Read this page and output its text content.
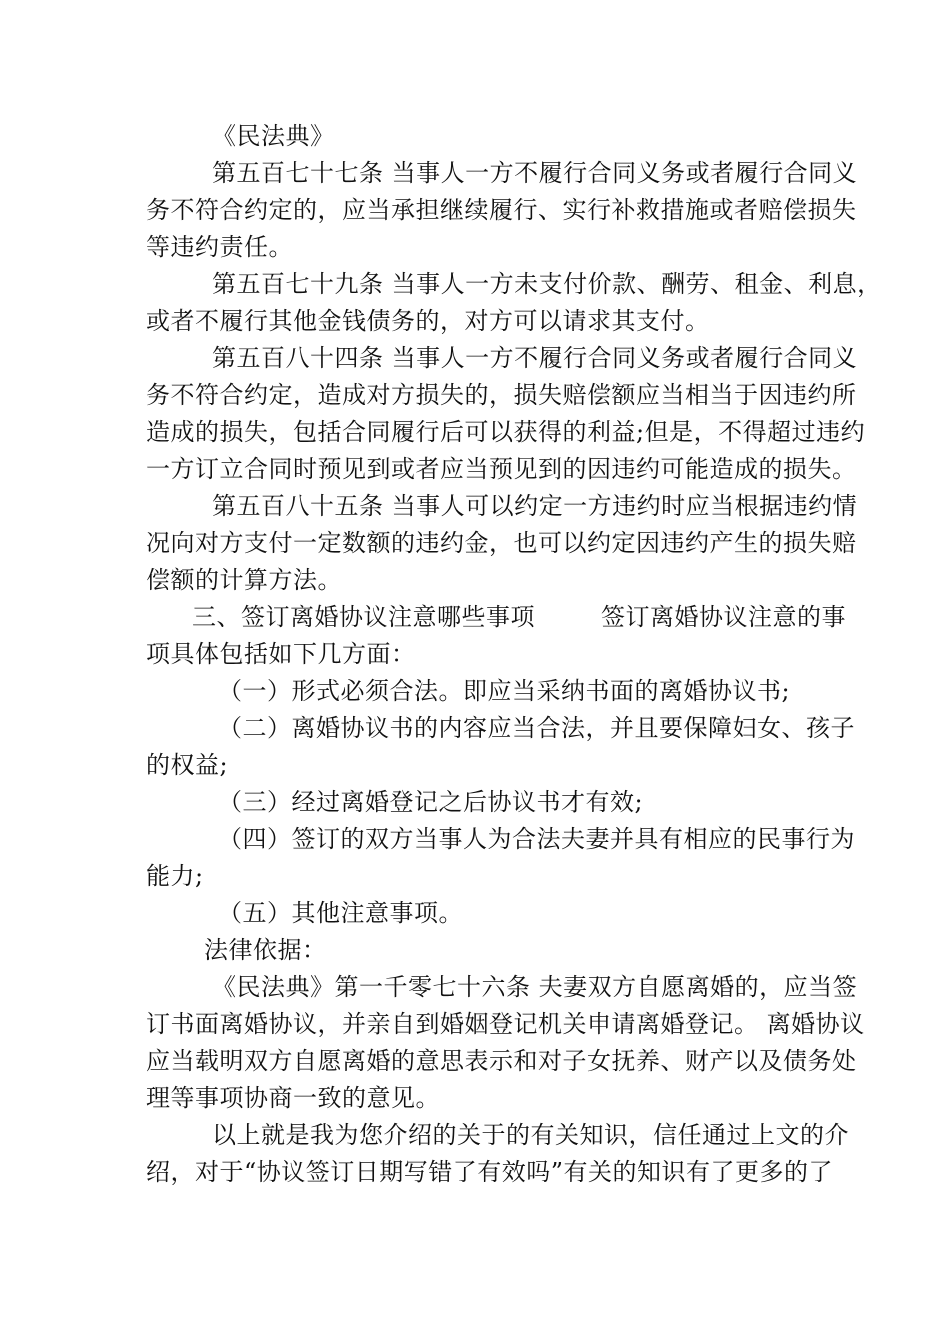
《民法典》
第五百七十七条 当事人一方不履行合同义务或者履行合同义
务不符合约定的，应当承担继续履行、实行补救措施或者赔偿损失
等违约责任。
第五百七十九条 当事人一方未支付价款、酬劳、租金、利息，
或者不履行其他金钱债务的，对方可以请求其支付。
第五百八十四条 当事人一方不履行合同义务或者履行合同义
务不符合约定，造成对方损失的，损失赔偿额应当相当于因违约所
造成的损失，包括合同履行后可以获得的利益;但是，不得超过违约
一方订立合同时预见到或者应当预见到的因违约可能造成的损失。
第五百八十五条 当事人可以约定一方违约时应当根据违约情
况向对方支付一定数额的违约金，也可以约定因违约产生的损失赔
偿额的计算方法。
三、签订离婚协议注意哪些事项	签订离婚协议注意的事
项具体包括如下几方面：
（一）形式必须合法。即应当采纳书面的离婚协议书;
（二）离婚协议书的内容应当合法，并且要保障妇女、孩子
的权益;
（三）经过离婚登记之后协议书才有效;
（四）签订的双方当事人为合法夫妻并具有相应的民事行为
能力;
（五）其他注意事项。
法律依据：
《民法典》第一千零七十六条 夫妻双方自愿离婚的，应当签
订书面离婚协议，并亲自到婚姻登记机关申请离婚登记。 离婚协议
应当载明双方自愿离婚的意思表示和对子女抚养、财产以及债务处
理等事项协商一致的意见。
以上就是我为您介绍的关于的有关知识，信任通过上文的介
绍，对于“协议签订日期写错了有效吗”有关的知识有了更多的了
